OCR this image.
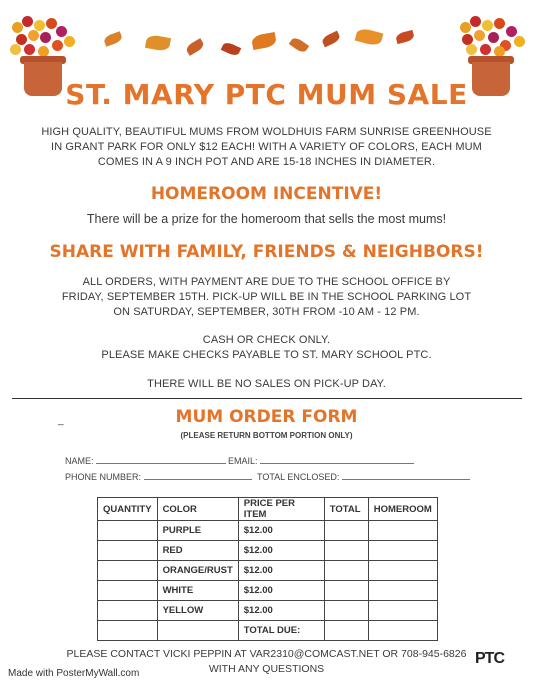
ST. MARY PTC MUM SALE
HIGH QUALITY, BEAUTIFUL MUMS FROM WOLDHUIS FARM SUNRISE GREENHOUSE
IN GRANT PARK FOR ONLY $12 EACH! WITH A VARIETY OF COLORS, EACH MUM
COMES IN A 9 INCH POT AND ARE 15-18 INCHES IN DIAMETER.
HOMEROOM INCENTIVE!
There will be a prize for the homeroom that sells the most mums!
SHARE WITH FAMILY, FRIENDS & NEIGHBORS!
ALL ORDERS, WITH PAYMENT ARE DUE TO THE SCHOOL OFFICE BY
FRIDAY, SEPTEMBER 15TH. PICK-UP WILL BE IN THE SCHOOL PARKING LOT
ON SATURDAY, SEPTEMBER, 30TH FROM -10 AM - 12 PM.
CASH OR CHECK ONLY.
PLEASE MAKE CHECKS PAYABLE TO ST. MARY SCHOOL PTC.
THERE WILL BE NO SALES ON PICK-UP DAY.
_	MUM ORDER FORM
(PLEASE RETURN BOTTOM PORTION ONLY)
NAME:	EMAIL:
PHONE NUMBER:	TOTAL ENCLOSED:
QUANTITY	COLOR	PRICE PER ITEM	TOTAL	HOMEROOM
	PURPLE	$12.00		
	RED	$12.00		
	ORANGE/RUST	$12.00		
	WHITE	$12.00		
	YELLOW	$12.00		
		TOTAL DUE:		
PLEASE CONTACT VICKI PEPPIN AT VAR2310@COMCAST.NET OR 708-945-6826
WITH ANY QUESTIONS
Made with PosterMyWall.com
PTC
